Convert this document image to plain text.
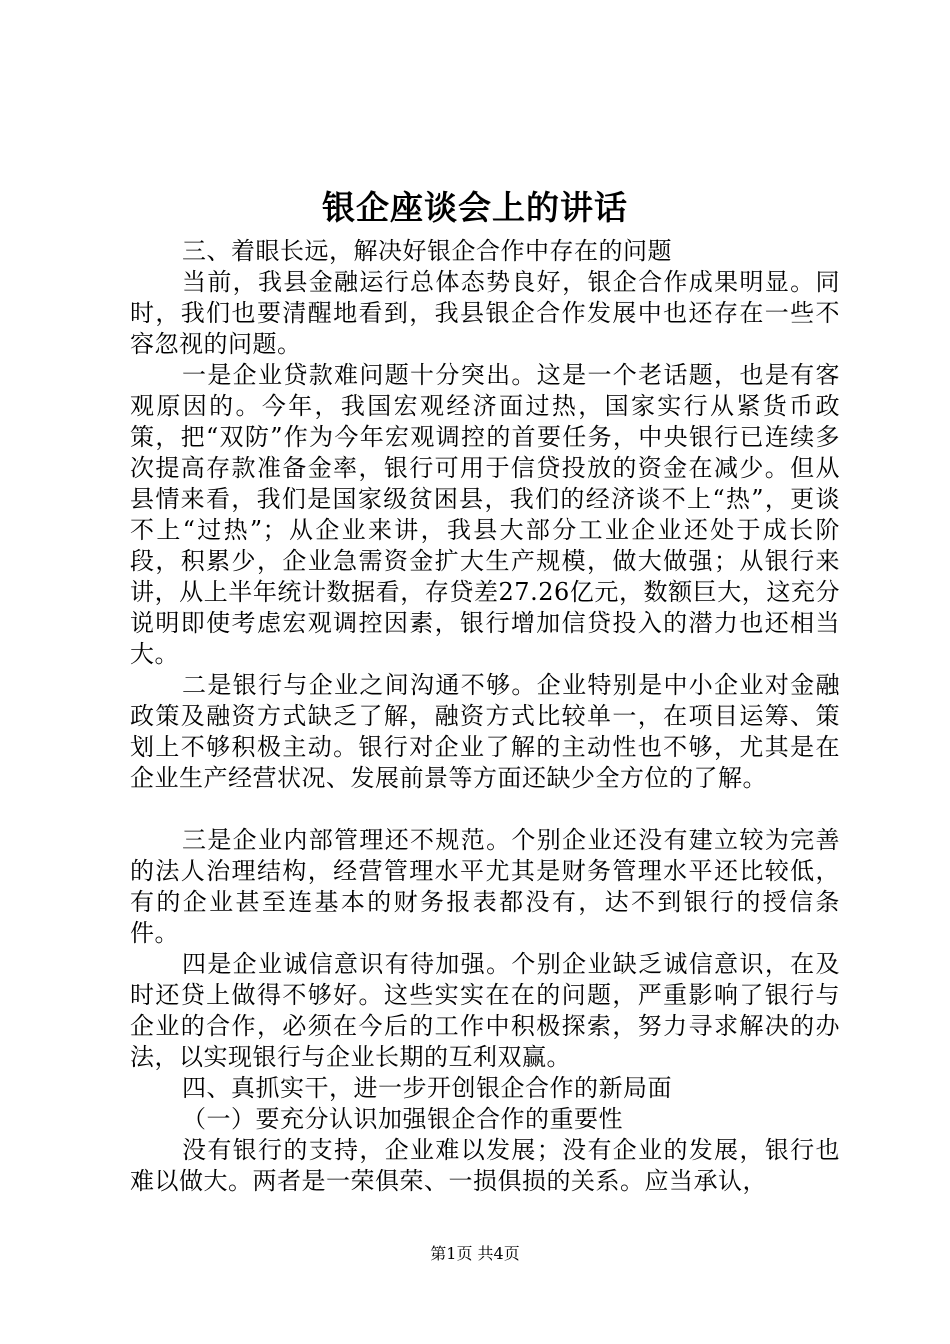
银企座谈会上的讲话

三、着眼长远，解决好银企合作中存在的问题

当前，我县金融运行总体态势良好，银企合作成果明显。同时，我们也要清醒地看到，我县银企合作发展中也还存在一些不容忽视的问题。

一是企业贷款难问题十分突出。这是一个老话题，也是有客观原因的。今年，我国宏观经济面过热，国家实行从紧货币政策，把“双防”作为今年宏观调控的首要任务，中央银行已连续多次提高存款准备金率，银行可用于信贷投放的资金在减少。但从县情来看，我们是国家级贫困县，我们的经济谈不上“热”，更谈不上“过热”；从企业来讲，我县大部分工业企业还处于成长阶段，积累少，企业急需资金扩大生产规模，做大做强；从银行来讲，从上半年统计数据看，存贷差27.26亿元，数额巨大，这充分说明即使考虑宏观调控因素，银行增加信贷投入的潜力也还相当大。

二是银行与企业之间沟通不够。企业特别是中小企业对金融政策及融资方式缺乏了解，融资方式比较单一，在项目运筹、策划上不够积极主动。银行对企业了解的主动性也不够，尤其是在企业生产经营状况、发展前景等方面还缺少全方位的了解。

三是企业内部管理还不规范。个别企业还没有建立较为完善的法人治理结构，经营管理水平尤其是财务管理水平还比较低，有的企业甚至连基本的财务报表都没有，达不到银行的授信条件。

四是企业诚信意识有待加强。个别企业缺乏诚信意识，在及时还贷上做得不够好。这些实实在在的问题，严重影响了银行与企业的合作，必须在今后的工作中积极探索，努力寻求解决的办法，以实现银行与企业长期的互利双赢。

四、真抓实干，进一步开创银企合作的新局面

（一）要充分认识加强银企合作的重要性

没有银行的支持，企业难以发展；没有企业的发展，银行也难以做大。两者是一荣俱荣、一损俱损的关系。应当承认，

第1页 共4页
